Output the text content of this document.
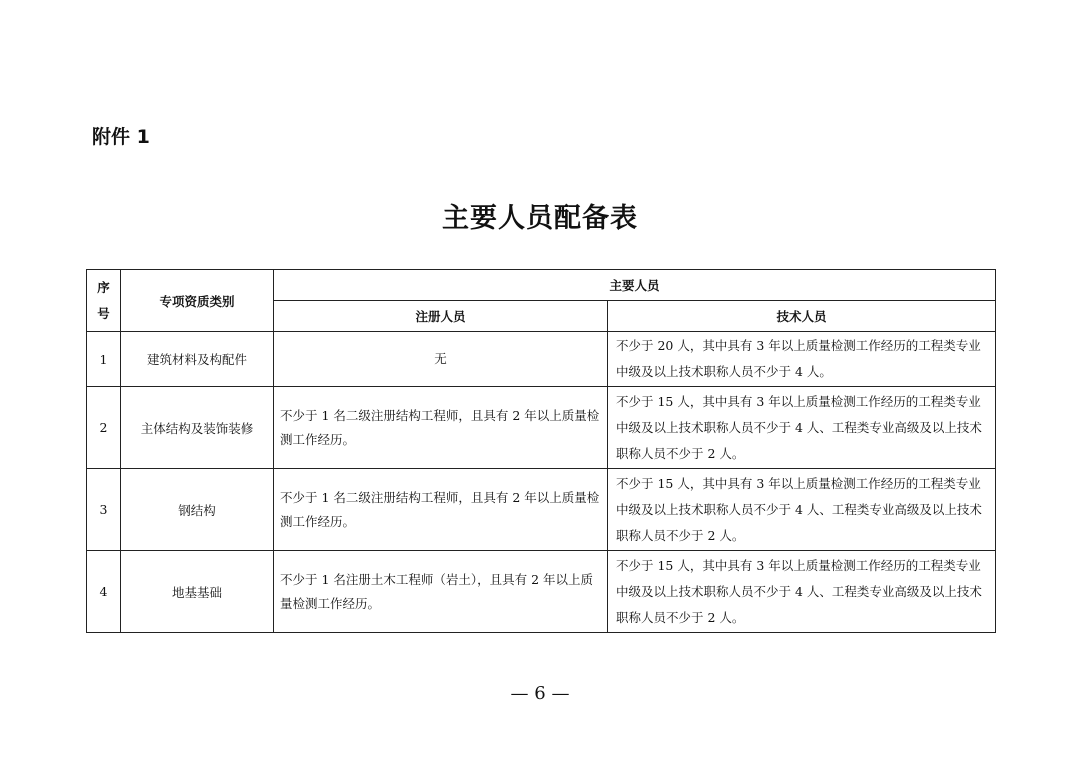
附件 1
主要人员配备表
序
号	专项资质类别	主要人员	
		注册人员	技术人员
1	建筑材料及构配件	无	不少于 20 人，其中具有 3 年以上质量检测工作经历的工程类专业中级及以上技术职称人员不少于 4 人。
2	主体结构及装饰装修	不少于 1 名二级注册结构工程师，且具有 2 年以上质量检测工作经历。	不少于 15 人，其中具有 3 年以上质量检测工作经历的工程类专业中级及以上技术职称人员不少于 4 人、工程类专业高级及以上技术职称人员不少于 2 人。
3	钢结构	不少于 1 名二级注册结构工程师，且具有 2 年以上质量检测工作经历。	不少于 15 人，其中具有 3 年以上质量检测工作经历的工程类专业中级及以上技术职称人员不少于 4 人、工程类专业高级及以上技术职称人员不少于 2 人。
4	地基基础	不少于 1 名注册土木工程师（岩土），且具有 2 年以上质量检测工作经历。	不少于 15 人，其中具有 3 年以上质量检测工作经历的工程类专业中级及以上技术职称人员不少于 4 人、工程类专业高级及以上技术职称人员不少于 2 人。
— 6 —
